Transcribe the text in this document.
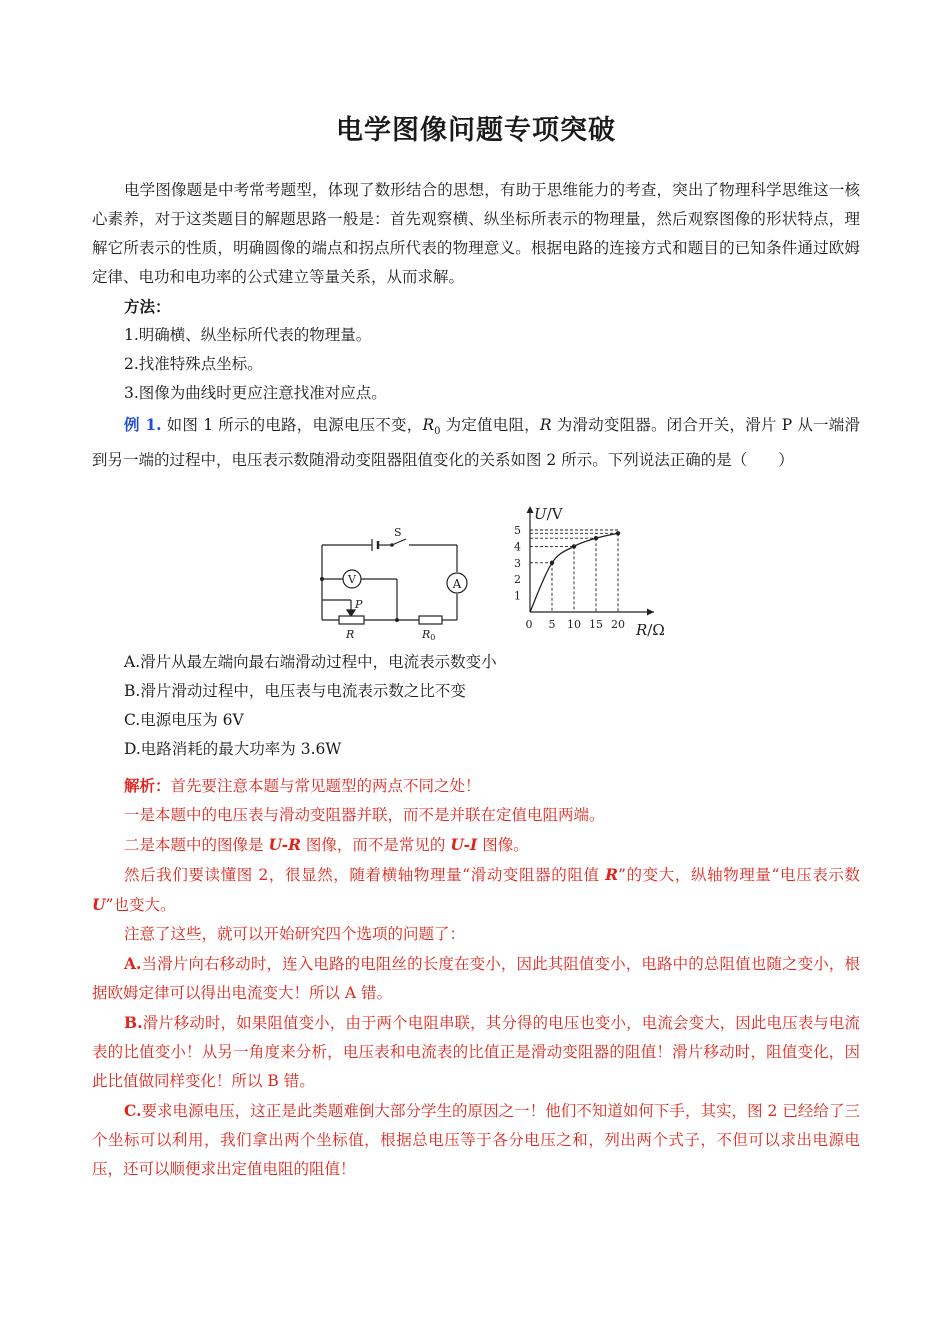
电学图像问题专项突破

电学图像题是中考常考题型，体现了数形结合的思想，有助于思维能力的考查，突出了物理科学思维这一核心素养，对于这类题目的解题思路一般是：首先观察横、纵坐标所表示的物理量，然后观察图像的形状特点，理解它所表示的性质，明确圆像的端点和拐点所代表的物理意义。根据电路的连接方式和题目的已知条件通过欧姆定律、电功和电功率的公式建立等量关系，从而求解。

方法：

1.明确横、纵坐标所代表的物理量。

2.找准特殊点坐标。

3.图像为曲线时更应注意找准对应点。

例 1. 如图 1 所示的电路，电源电压不变，$R_0$ 为定值电阻，R 为滑动变阻器。闭合开关，滑片 P 从一端滑到另一端的过程中，电压表示数随滑动变阻器阻值变化的关系如图 2 所示。下列说法正确的是（　　）

S
V	A
P
R	R0
U/V
R/Ω
0 5 10 15 20
1
2
3
4
5

A.滑片从最左端向最右端滑动过程中，电流表示数变小

B.滑片滑动过程中，电压表与电流表示数之比不变

C.电源电压为 6V

D.电路消耗的最大功率为 3.6W

解析：首先要注意本题与常见题型的两点不同之处！

一是本题中的电压表与滑动变阻器并联，而不是并联在定值电阻两端。

二是本题中的图像是 U-R 图像，而不是常见的 U-I 图像。

然后我们要读懂图 2，很显然，随着横轴物理量“滑动变阻器的阻值 R”的变大，纵轴物理量“电压表示数 U”也变大。

注意了这些，就可以开始研究四个选项的问题了：

A.当滑片向右移动时，连入电路的电阻丝的长度在变小，因此其阻值变小，电路中的总阻值也随之变小，根据欧姆定律可以得出电流变大！所以 A 错。

B.滑片移动时，如果阻值变小，由于两个电阻串联，其分得的电压也变小，电流会变大，因此电压表与电流表的比值变小！从另一角度来分析，电压表和电流表的比值正是滑动变阻器的阻值！滑片移动时，阻值变化，因此比值做同样变化！所以 B 错。

C.要求电源电压，这正是此类题难倒大部分学生的原因之一！他们不知道如何下手，其实，图 2 已经给了三个坐标可以利用，我们拿出两个坐标值，根据总电压等于各分电压之和，列出两个式子，不但可以求出电源电压，还可以顺便求出定值电阻的阻值！
